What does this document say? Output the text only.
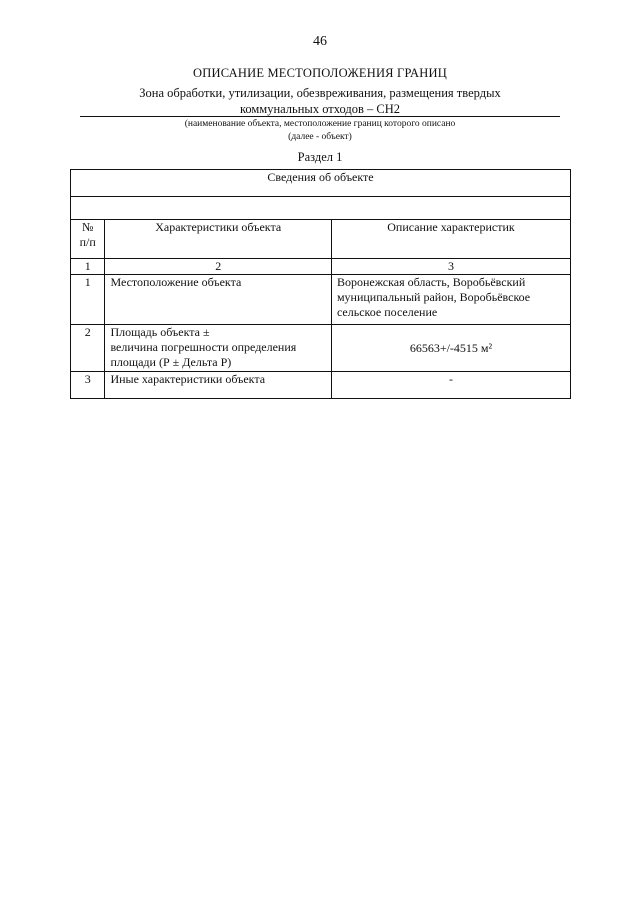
46
ОПИСАНИЕ МЕСТОПОЛОЖЕНИЯ ГРАНИЦ
Зона обработки, утилизации, обезвреживания, размещения твердых
коммунальных отходов – СН2
(наименование объекта, местоположение границ которого описано
(далее - объект)
Раздел 1
Сведения об объекте		

№
п/п	Характеристики объекта	Описание характеристик
1	2	3
1	Местоположение объекта	Воронежская область, Воробьёвский
муниципальный район, Воробьёвское
сельское поселение

2	Площадь объекта ±
величина погрешности определения
площади (Р ± Дельта Р)	66563+/-4515 м²
3	Иные характеристики объекта	-
